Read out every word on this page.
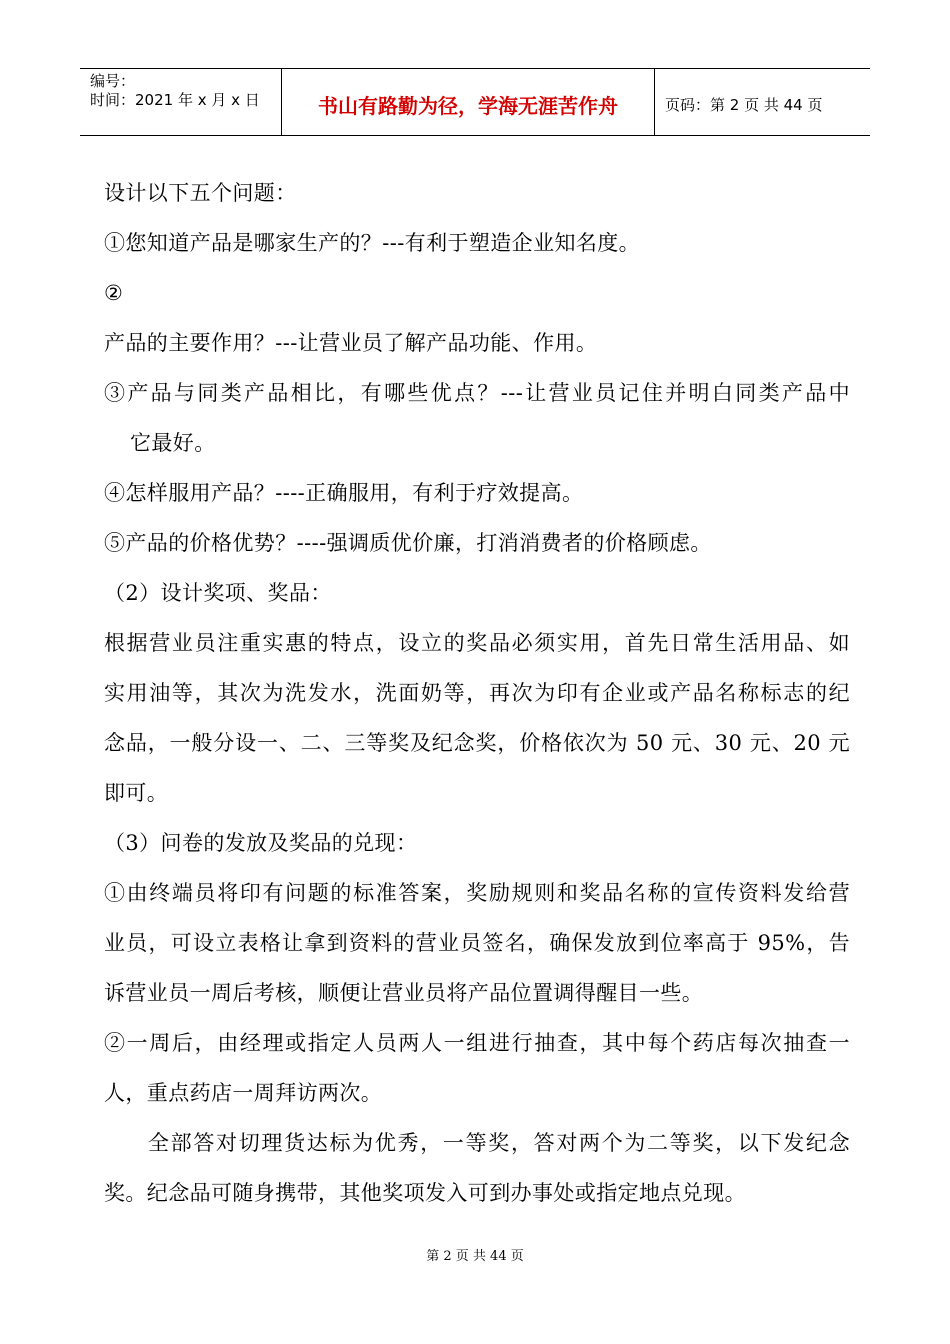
编号：
时间：2021 年 x 月 x 日	书山有路勤为径，学海无涯苦作舟	页码：第 2 页 共 44 页
设计以下五个问题：
①您知道产品是哪家生产的？---有利于塑造企业知名度。
②
产品的主要作用？---让营业员了解产品功能、作用。
③产品与同类产品相比，有哪些优点？---让营业员记住并明白同类产品中
它最好。
④怎样服用产品？----正确服用，有利于疗效提高。
⑤产品的价格优势？----强调质优价廉，打消消费者的价格顾虑。
（2）设计奖项、奖品：
根据营业员注重实惠的特点，设立的奖品必须实用，首先日常生活用品、如
实用油等，其次为洗发水，洗面奶等，再次为印有企业或产品名称标志的纪
念品，一般分设一、二、三等奖及纪念奖，价格依次为 50 元、30 元、20 元
即可。
（3）问卷的发放及奖品的兑现：
①由终端员将印有问题的标准答案，奖励规则和奖品名称的宣传资料发给营
业员，可设立表格让拿到资料的营业员签名，确保发放到位率高于 95%，告
诉营业员一周后考核，顺便让营业员将产品位置调得醒目一些。
②一周后，由经理或指定人员两人一组进行抽查，其中每个药店每次抽查一
人，重点药店一周拜访两次。
全部答对切理货达标为优秀，一等奖，答对两个为二等奖，以下发纪念
奖。纪念品可随身携带，其他奖项发入可到办事处或指定地点兑现。
第 2 页 共 44 页
